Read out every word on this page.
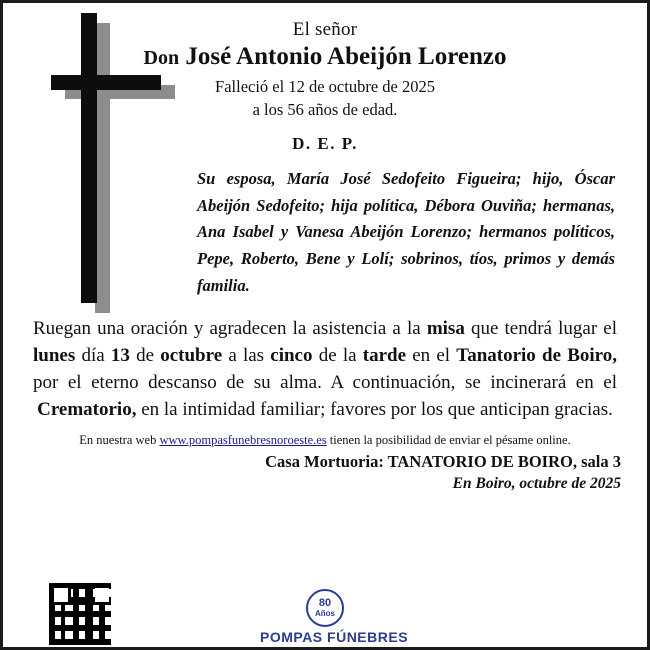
El señor
Don José Antonio Abeijón Lorenzo
Falleció el 12 de octubre de 2025
a los 56 años de edad.
D. E. P.
Su esposa, María José Sedofeito Figueira; hijo, Óscar Abeijón Sedofeito; hija política, Débora Ouviña; hermanas, Ana Isabel y Vanesa Abeijón Lorenzo; hermanos políticos, Pepe, Roberto, Bene y Lolí; sobrinos, tíos, primos y demás familia.
Ruegan una oración y agradecen la asistencia a la misa que tendrá lugar el lunes día 13 de octubre a las cinco de la tarde en el Tanatorio de Boiro, por el eterno descanso de su alma. A continuación, se incinerará en el Crematorio, en la intimidad familiar; favores por los que anticipan gracias.
En nuestra web www.pompasfunebresnoroeste.es tienen la posibilidad de enviar el pésame online.
Casa Mortuoria: TANATORIO DE BOIRO, sala 3
En Boiro, octubre de 2025
80
Años
POMPAS FÚNEBRES
